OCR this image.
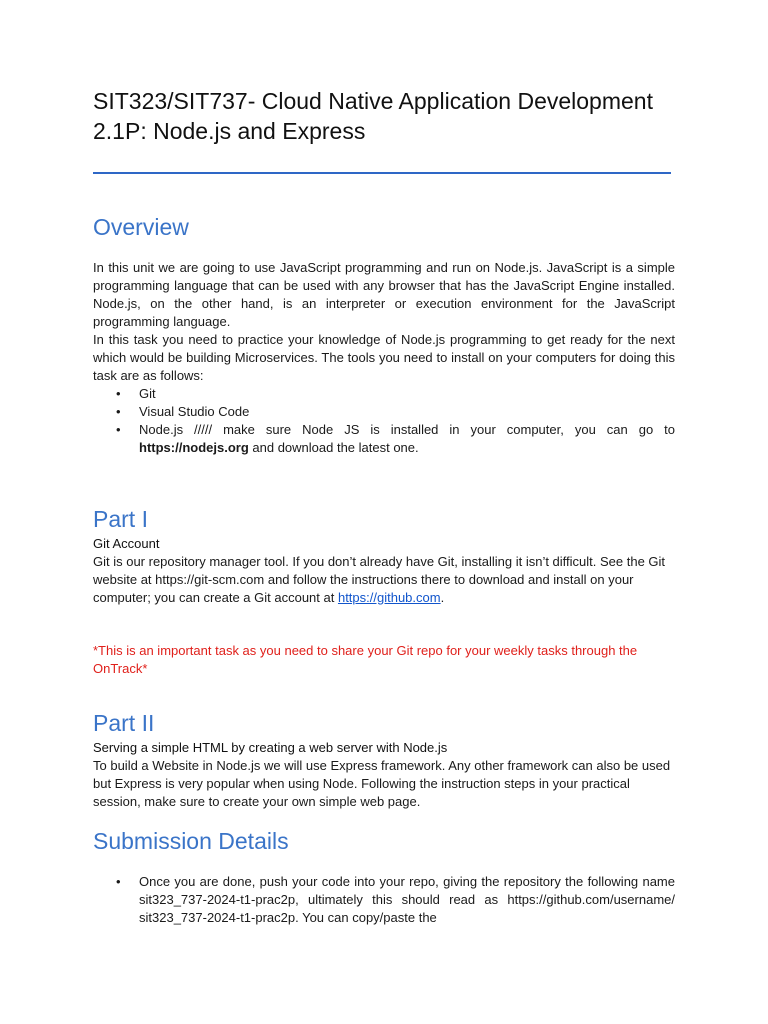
SIT323/SIT737- Cloud Native Application Development
2.1P: Node.js and Express
Overview

In this unit we are going to use JavaScript programming and run on Node.js. JavaScript is a simple programming language that can be used with any browser that has the JavaScript Engine installed. Node.js, on the other hand, is an interpreter or execution environment for the JavaScript programming language.

In this task you need to practice your knowledge of Node.js programming to get ready for the next which would be building Microservices. The tools you need to install on your computers for doing this task are as follows:

• Git
• Visual Studio Code
• Node.js ///// make sure Node JS is installed in your computer, you can go to https://nodejs.org and download the latest one.
Part I
Git Account
Git is our repository manager tool. If you don’t already have Git, installing it isn’t difficult. See the Git website at https://git-scm.com and follow the instructions there to download and install on your computer; you can create a Git account at https://github.com.
*This is an important task as you need to share your Git repo for your weekly tasks through the OnTrack*
Part II
Serving a simple HTML by creating a web server with Node.js
To build a Website in Node.js we will use Express framework. Any other framework can also be used but Express is very popular when using Node. Following the instruction steps in your practical session, make sure to create your own simple web page.
Submission Details
• Once you are done, push your code into your repo, giving the repository the following name sit323_737-2024-t1-prac2p, ultimately this should read as https://github.com/username/ sit323_737-2024-t1-prac2p. You can copy/paste the
